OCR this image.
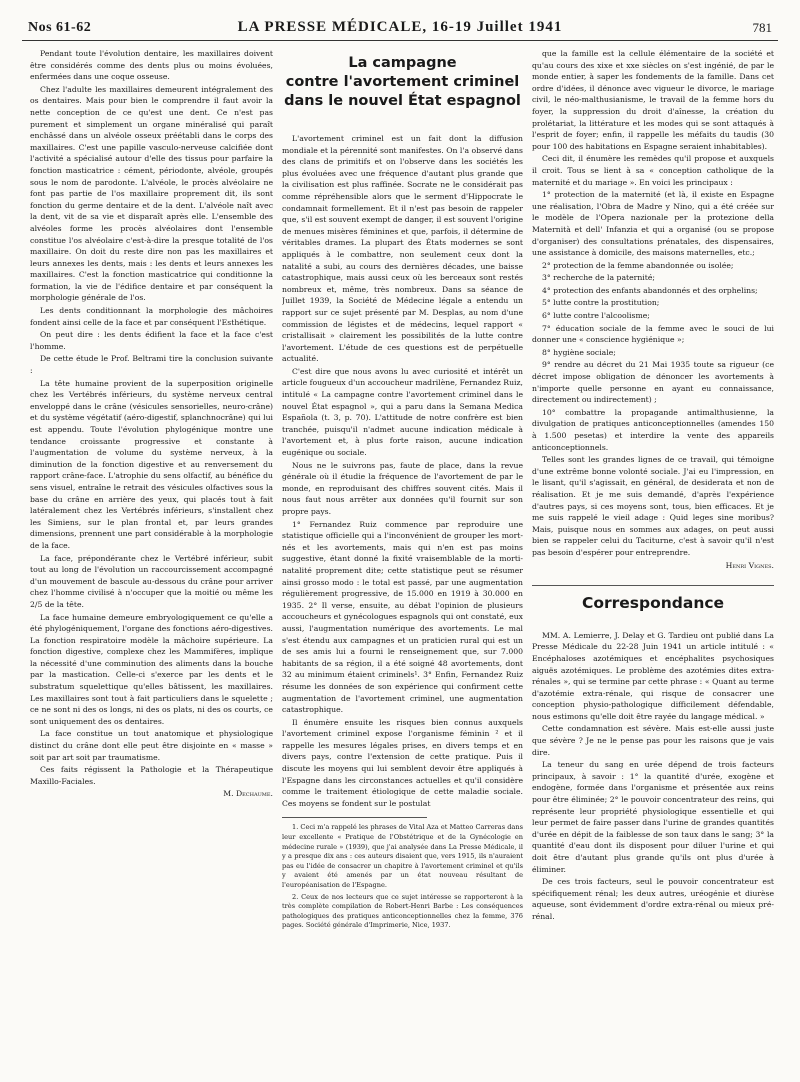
Nos 61-62	LA PRESSE MÉDICALE, 16-19 Juillet 1941	781

Pendant toute l'évolution dentaire, les maxillaires doivent être considérés comme des dents plus ou moins évoluées, enfermées dans une coque osseuse.

Chez l'adulte les maxillaires demeurent intégralement des os dentaires. Mais pour bien le comprendre il faut avoir la nette conception de ce qu'est une dent. Ce n'est pas purement et simplement un organe minéralisé qui paraît enchâssé dans un alvéole osseux préétabli dans le corps des maxillaires. C'est une papille vasculo-nerveuse calcifiée dont l'activité a spécialisé autour d'elle des tissus pour parfaire la fonction masticatrice : cément, périodonte, alvéole, groupés sous le nom de parodonte. L'alvéole, le procès alvéolaire ne font pas partie de l'os maxillaire proprement dit, ils sont fonction du germe dentaire et de la dent. L'alvéole naît avec la dent, vit de sa vie et disparaît après elle. L'ensemble des alvéoles forme les procès alvéolaires dont l'ensemble constitue l'os alvéolaire c'est-à-dire la presque totalité de l'os maxillaire. On doit du reste dire non pas les maxillaires et leurs annexes les dents, mais : les dents et leurs annexes les maxillaires. C'est la fonction masticatrice qui conditionne la formation, la vie de l'édifice dentaire et par conséquent la morphologie générale de l'os.

Les dents conditionnant la morphologie des mâchoires fondent ainsi celle de la face et par conséquent l'Esthétique.

On peut dire : les dents édifient la face et la face c'est l'homme.

De cette étude le Prof. Beltrami tire la conclusion suivante :

La tête humaine provient de la superposition originelle chez les Vertébrés inférieurs, du système nerveux central enveloppé dans le crâne (vésicules sensorielles, neuro-crâne) et du système végétatif (aéro-digestif, splanchnocrâne) qui lui est appendu. Toute l'évolution phylogénique montre une tendance croissante progressive et constante à l'augmentation de volume du système nerveux, à la diminution de la fonction digestive et au renversement du rapport crâne-face. L'atrophie du sens olfactif, au bénéfice du sens visuel, entraîne le retrait des vésicules olfactives sous la base du crâne en arrière des yeux, qui placés tout à fait latéralement chez les Vertébrés inférieurs, s'installent chez les Simiens, sur le plan frontal et, par leurs grandes dimensions, prennent une part considérable à la morphologie de la face.

La face, prépondérante chez le Vertébré inférieur, subit tout au long de l'évolution un raccourcissement accompagné d'un mouvement de bascule au-dessous du crâne pour arriver chez l'homme civilisé à n'occuper que la moitié ou même les 2/5 de la tête.

La face humaine demeure embryologiquement ce qu'elle a été phylogéniquement, l'organe des fonctions aéro-digestives. La fonction respiratoire modèle la mâchoire supérieure. La fonction digestive, complexe chez les Mammifères, implique la nécessité d'une comminution des aliments dans la bouche par la mastication. Celle-ci s'exerce par les dents et le substratum squelettique qu'elles bâtissent, les maxillaires. Les maxillaires sont tout à fait particuliers dans le squelette ; ce ne sont ni des os longs, ni des os plats, ni des os courts, ce sont uniquement des os dentaires.

La face constitue un tout anatomique et physiologique distinct du crâne dont elle peut être disjointe en « masse » soit par art soit par traumatisme.

Ces faits régissent la Pathologie et la Thérapeutique Maxillo-Faciales.

M. Dechaume.

La campagne
contre l'avortement criminel
dans le nouvel État espagnol

L'avortement criminel est un fait dont la diffusion mondiale et la pérennité sont manifestes. On l'a observé dans des clans de primitifs et on l'observe dans les sociétés les plus évoluées avec une fréquence d'autant plus grande que la civilisation est plus raffinée. Socrate ne le considérait pas comme répréhensible alors que le serment d'Hippocrate le condamnait formellement. Et il n'est pas besoin de rappeler que, s'il est souvent exempt de danger, il est souvent l'origine de menues misères féminines et que, parfois, il détermine de véritables drames. La plupart des États modernes se sont appliqués à le combattre, non seulement ceux dont la natalité a subi, au cours des dernières décades, une baisse catastrophique, mais aussi ceux où les berceaux sont restés nombreux et, même, très nombreux. Dans sa séance de Juillet 1939, la Société de Médecine légale a entendu un rapport sur ce sujet présenté par M. Desplas, au nom d'une commission de légistes et de médecins, lequel rapport « cristallisait » clairement les possibilités de la lutte contre l'avortement. L'étude de ces questions est de perpétuelle actualité.

C'est dire que nous avons lu avec curiosité et intérêt un article fougueux d'un accoucheur madrilène, Fernandez Ruiz, intitulé « La campagne contre l'avortement criminel dans le nouvel État espagnol », qui a paru dans la Semana Medica Española (t. 3, p. 70). L'attitude de notre confrère est bien tranchée, puisqu'il n'admet aucune indication médicale à l'avortement et, à plus forte raison, aucune indication eugénique ou sociale.

Nous ne le suivrons pas, faute de place, dans la revue générale où il étudie la fréquence de l'avortement de par le monde, en reproduisant des chiffres souvent cités. Mais il nous faut nous arrêter aux données qu'il fournit sur son propre pays.

1° Fernandez Ruiz commence par reproduire une statistique officielle qui a l'inconvénient de grouper les mort-nés et les avortements, mais qui n'en est pas moins suggestive, étant donné la fixité vraisemblable de la morti-natalité proprement dite; cette statistique peut se résumer ainsi grosso modo : le total est passé, par une augmentation régulièrement progressive, de 15.000 en 1919 à 30.000 en 1935. 2° Il verse, ensuite, au débat l'opinion de plusieurs accoucheurs et gynécologues espagnols qui ont constaté, eux aussi, l'augmentation numérique des avortements. Le mal s'est étendu aux campagnes et un praticien rural qui est un de ses amis lui a fourni le renseignement que, sur 7.000 habitants de sa région, il a été soigné 48 avortements, dont 32 au minimum étaient criminels¹. 3° Enfin, Fernandez Ruiz résume les données de son expérience qui confirment cette augmentation de l'avortement criminel, une augmentation catastrophique.

Il énumère ensuite les risques bien connus auxquels l'avortement criminel expose l'organisme féminin ² et il rappelle les mesures légales prises, en divers temps et en divers pays, contre l'extension de cette pratique. Puis il discute les moyens qui lui semblent devoir être appliqués à l'Espagne dans les circonstances actuelles et qu'il considère comme le traitement étiologique de cette maladie sociale. Ces moyens se fondent sur le postulat

1. Ceci m'a rappelé les phrases de Vital Aza et Matteo Carreras dans leur excellente « Pratique de l'Obstétrique et de la Gynécologie en médecine rurale » (1939), que j'ai analysée dans La Presse Médicale, il y a presque dix ans : ces auteurs disaient que, vers 1915, ils n'auraient pas eu l'idée de consacrer un chapitre à l'avortement criminel et qu'ils y avaient été amenés par un état nouveau résultant de l'européanisation de l'Espagne.

2. Ceux de nos lecteurs que ce sujet intéresse se rapporteront à la très complète compilation de Robert-Henri Barbe : Les conséquences pathologiques des pratiques anticonceptionnelles chez la femme, 376 pages. Société générale d'Imprimerie, Nice, 1937.

que la famille est la cellule élémentaire de la société et qu'au cours des xixe et xxe siècles on s'est ingénié, de par le monde entier, à saper les fondements de la famille. Dans cet ordre d'idées, il dénonce avec vigueur le divorce, le mariage civil, le néo-malthusianisme, le travail de la femme hors du foyer, la suppression du droit d'aînesse, la création du prolétariat, la littérature et les modes qui se sont attaqués à l'esprit de foyer; enfin, il rappelle les méfaits du taudis (30 pour 100 des habitations en Espagne seraient inhabitables).

Ceci dit, il énumère les remèdes qu'il propose et auxquels il croit. Tous se lient à sa « conception catholique de la maternité et du mariage ». En voici les principaux :

1° protection de la maternité (et là, il existe en Espagne une réalisation, l'Obra de Madre y Nino, qui a été créée sur le modèle de l'Opera nazionale per la protezione della Maternità et dell' Infanzia et qui a organisé (ou se propose d'organiser) des consultations prénatales, des dispensaires, une assistance à domicile, des maisons maternelles, etc.;

2° protection de la femme abandonnée ou isolée;

3° recherche de la paternité;

4° protection des enfants abandonnés et des orphelins;

5° lutte contre la prostitution;

6° lutte contre l'alcoolisme;

7° éducation sociale de la femme avec le souci de lui donner une « conscience hygiénique »;

8° hygiène sociale;

9° rendre au décret du 21 Mai 1935 toute sa rigueur (ce décret impose obligation de dénoncer les avortements à n'importe quelle personne en ayant eu connaissance, directement ou indirectement) ;

10° combattre la propagande antimalthusienne, la divulgation de pratiques anticonceptionnelles (amendes 150 à 1.500 pesetas) et interdire la vente des appareils anticonceptionnels.

Telles sont les grandes lignes de ce travail, qui témoigne d'une extrême bonne volonté sociale. J'ai eu l'impression, en le lisant, qu'il s'agissait, en général, de desiderata et non de réalisation. Et je me suis demandé, d'après l'expérience d'autres pays, si ces moyens sont, tous, bien efficaces. Et je me suis rappelé le vieil adage : Quid leges sine moribus? Mais, puisque nous en sommes aux adages, on peut aussi bien se rappeler celui du Taciturne, c'est à savoir qu'il n'est pas besoin d'espérer pour entreprendre.

Henri Vignes.

Correspondance

MM. A. Lemierre, J. Delay et G. Tardieu ont publié dans La Presse Médicale du 22-28 Juin 1941 un article intitulé : « Encéphaloses azotémiques et encéphalites psychosiques aiguës azotémiques. Le problème des azotémies dites extra-rénales », qui se termine par cette phrase : « Quant au terme d'azotémie extra-rénale, qui risque de consacrer une conception physio-pathologique difficilement défendable, nous estimons qu'elle doit être rayée du langage médical. »

Cette condamnation est sévère. Mais est-elle aussi juste que sévère ? Je ne le pense pas pour les raisons que je vais dire.

La teneur du sang en urée dépend de trois facteurs principaux, à savoir : 1° la quantité d'urée, exogène et endogène, formée dans l'organisme et présentée aux reins pour être éliminée; 2° le pouvoir concentrateur des reins, qui représente leur propriété physiologique essentielle et qui leur permet de faire passer dans l'urine de grandes quantités d'urée en dépit de la faiblesse de son taux dans le sang; 3° la quantité d'eau dont ils disposent pour diluer l'urine et qui doit être d'autant plus grande qu'ils ont plus d'urée à éliminer.

De ces trois facteurs, seul le pouvoir concentrateur est spécifiquement rénal; les deux autres, uréogénie et diurèse aqueuse, sont évidemment d'ordre extra-rénal ou mieux pré-rénal.
